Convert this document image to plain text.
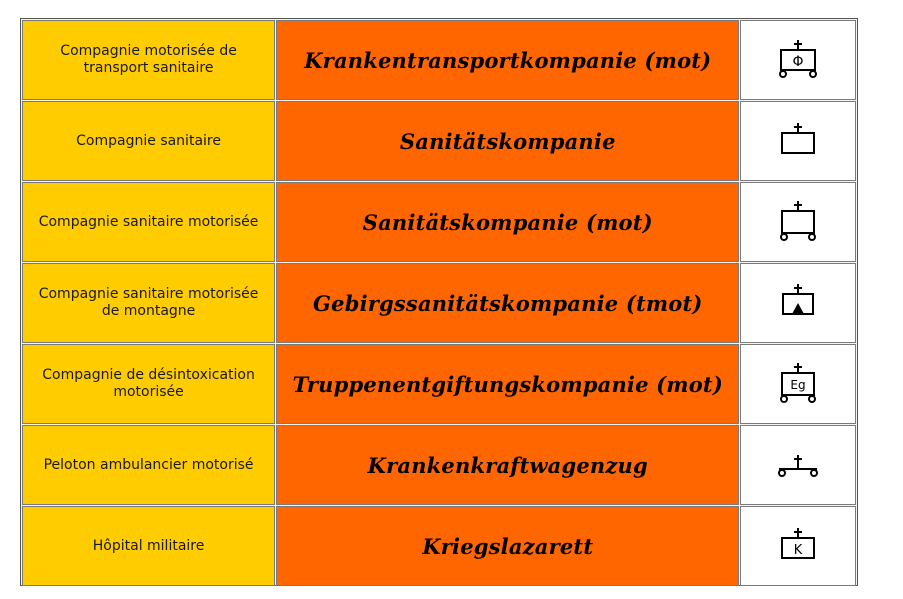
Compagnie motorisée de transport sanitaire	Krankentransportkompanie (mot)	Φ
Compagnie sanitaire	Sanitätskompanie
Compagnie sanitaire motorisée	Sanitätskompanie (mot)
Compagnie sanitaire motorisée de montagne	Gebirgssanitätskompanie (tmot)
Compagnie de désintoxication motorisée	Truppenentgiftungskompanie (mot)	Eg
Peloton ambulancier motorisé	Krankenkraftwagenzug
Hôpital militaire	Kriegslazarett	K
